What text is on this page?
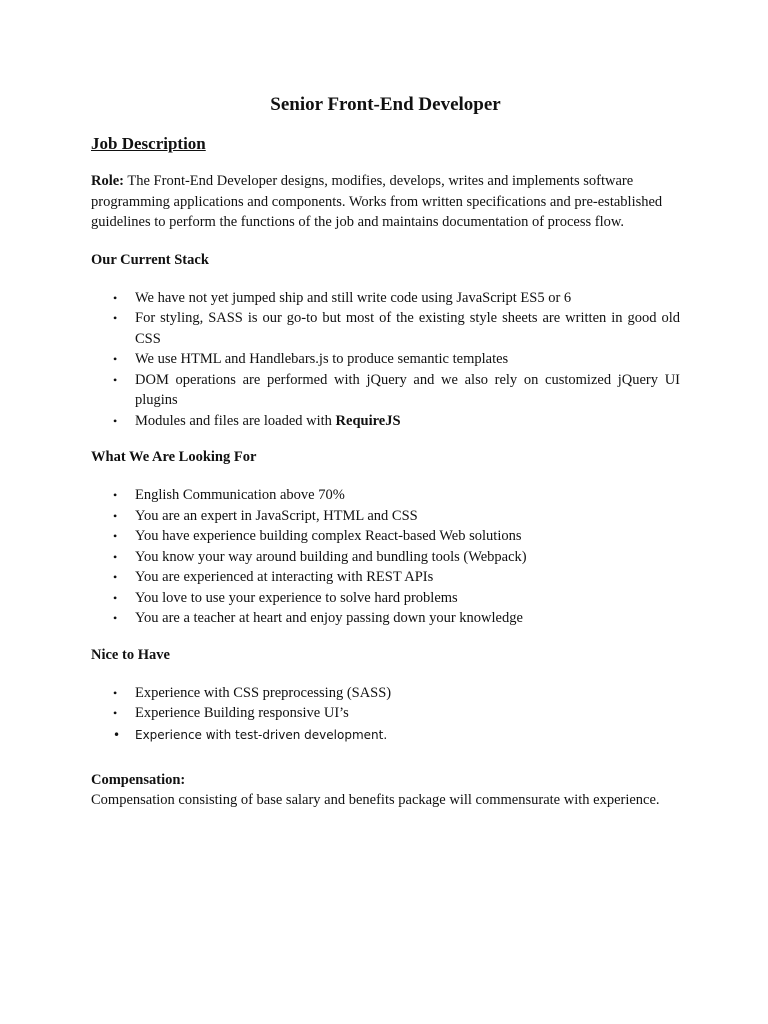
Senior Front-End Developer
Job Description

Role: The Front-End Developer designs, modifies, develops, writes and implements software programming applications and components. Works from written specifications and pre-established guidelines to perform the functions of the job and maintains documentation of process flow.

Our Current Stack
• We have not yet jumped ship and still write code using JavaScript ES5 or 6
• For styling, SASS is our go-to but most of the existing style sheets are written in good old CSS
• We use HTML and Handlebars.js to produce semantic templates
• DOM operations are performed with jQuery and we also rely on customized jQuery UI plugins
• Modules and files are loaded with RequireJS
What We Are Looking For
• English Communication above 70%
• You are an expert in JavaScript, HTML and CSS
• You have experience building complex React-based Web solutions
• You know your way around building and bundling tools (Webpack)
• You are experienced at interacting with REST APIs
• You love to use your experience to solve hard problems
• You are a teacher at heart and enjoy passing down your knowledge
Nice to Have
• Experience with CSS preprocessing (SASS)
• Experience Building responsive UI’s
• Experience with test-driven development.
Compensation:

Compensation consisting of base salary and benefits package will commensurate with experience.
